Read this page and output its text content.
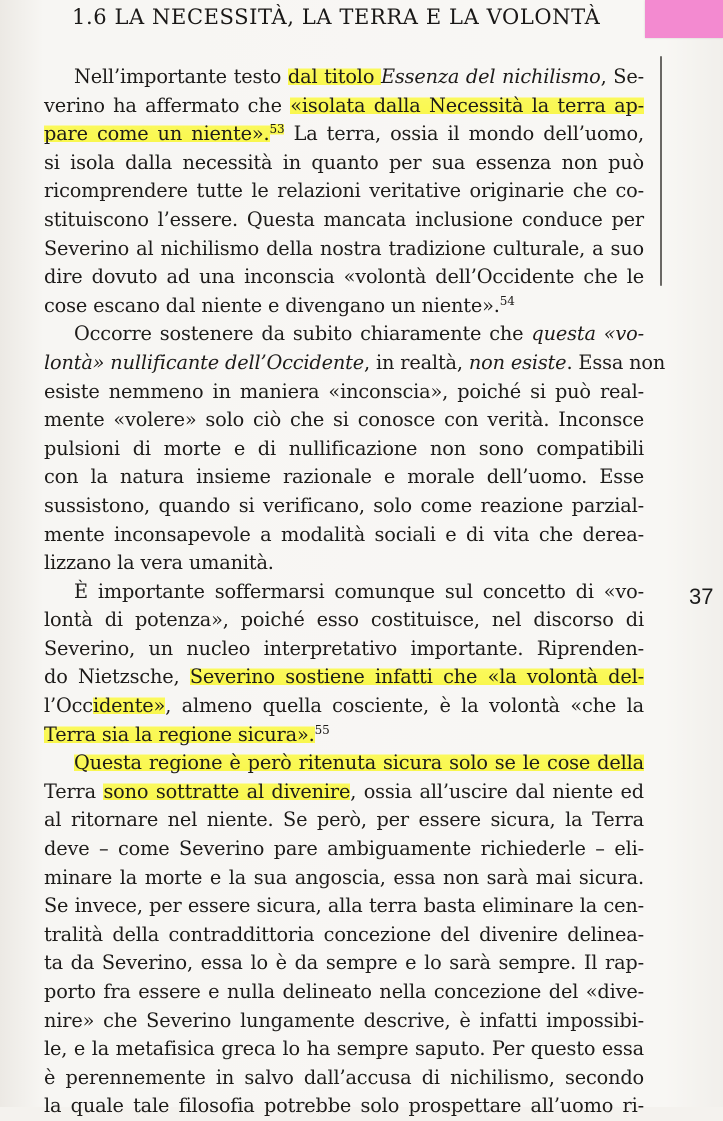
1.6 LA NECESSITÀ, LA TERRA E LA VOLONTÀ
Nell’importante testo dal titolo Essenza del nichilismo, Se-
verino ha affermato che «isolata dalla Necessità la terra ap-
pare come un niente».$^{53}$ La terra, ossia il mondo dell’uomo,
si isola dalla necessità in quanto per sua essenza non può
ricomprendere tutte le relazioni veritative originarie che co-
stituiscono l’essere. Questa mancata inclusione conduce per
Severino al nichilismo della nostra tradizione culturale, a suo
dire dovuto ad una inconscia «volontà dell’Occidente che le
cose escano dal niente e divengano un niente».$^{54}$
Occorre sostenere da subito chiaramente che questa «vo-
lontà» nullificante dell’Occidente, in realtà, non esiste. Essa non
esiste nemmeno in maniera «inconscia», poiché si può real-
mente «volere» solo ciò che si conosce con verità. Inconsce
pulsioni di morte e di nullificazione non sono compatibili
con la natura insieme razionale e morale dell’uomo. Esse
sussistono, quando si verificano, solo come reazione parzial-
mente inconsapevole a modalità sociali e di vita che derea-
lizzano la vera umanità.
È importante soffermarsi comunque sul concetto di «vo-
lontà di potenza», poiché esso costituisce, nel discorso di
Severino, un nucleo interpretativo importante. Riprenden-
do Nietzsche, Severino sostiene infatti che «la volontà del-
l’Occidente», almeno quella cosciente, è la volontà «che la
Terra sia la regione sicura».$^{55}$
Questa regione è però ritenuta sicura solo se le cose della
Terra sono sottratte al divenire, ossia all’uscire dal niente ed
al ritornare nel niente. Se però, per essere sicura, la Terra
deve – come Severino pare ambiguamente richiederle – eli-
minare la morte e la sua angoscia, essa non sarà mai sicura.
Se invece, per essere sicura, alla terra basta eliminare la cen-
tralità della contraddittoria concezione del divenire delinea-
ta da Severino, essa lo è da sempre e lo sarà sempre. Il rap-
porto fra essere e nulla delineato nella concezione del «dive-
nire» che Severino lungamente descrive, è infatti impossibi-
le, e la metafisica greca lo ha sempre saputo. Per questo essa
è perennemente in salvo dall’accusa di nichilismo, secondo
la quale tale filosofia potrebbe solo prospettare all’uomo ri-
37
